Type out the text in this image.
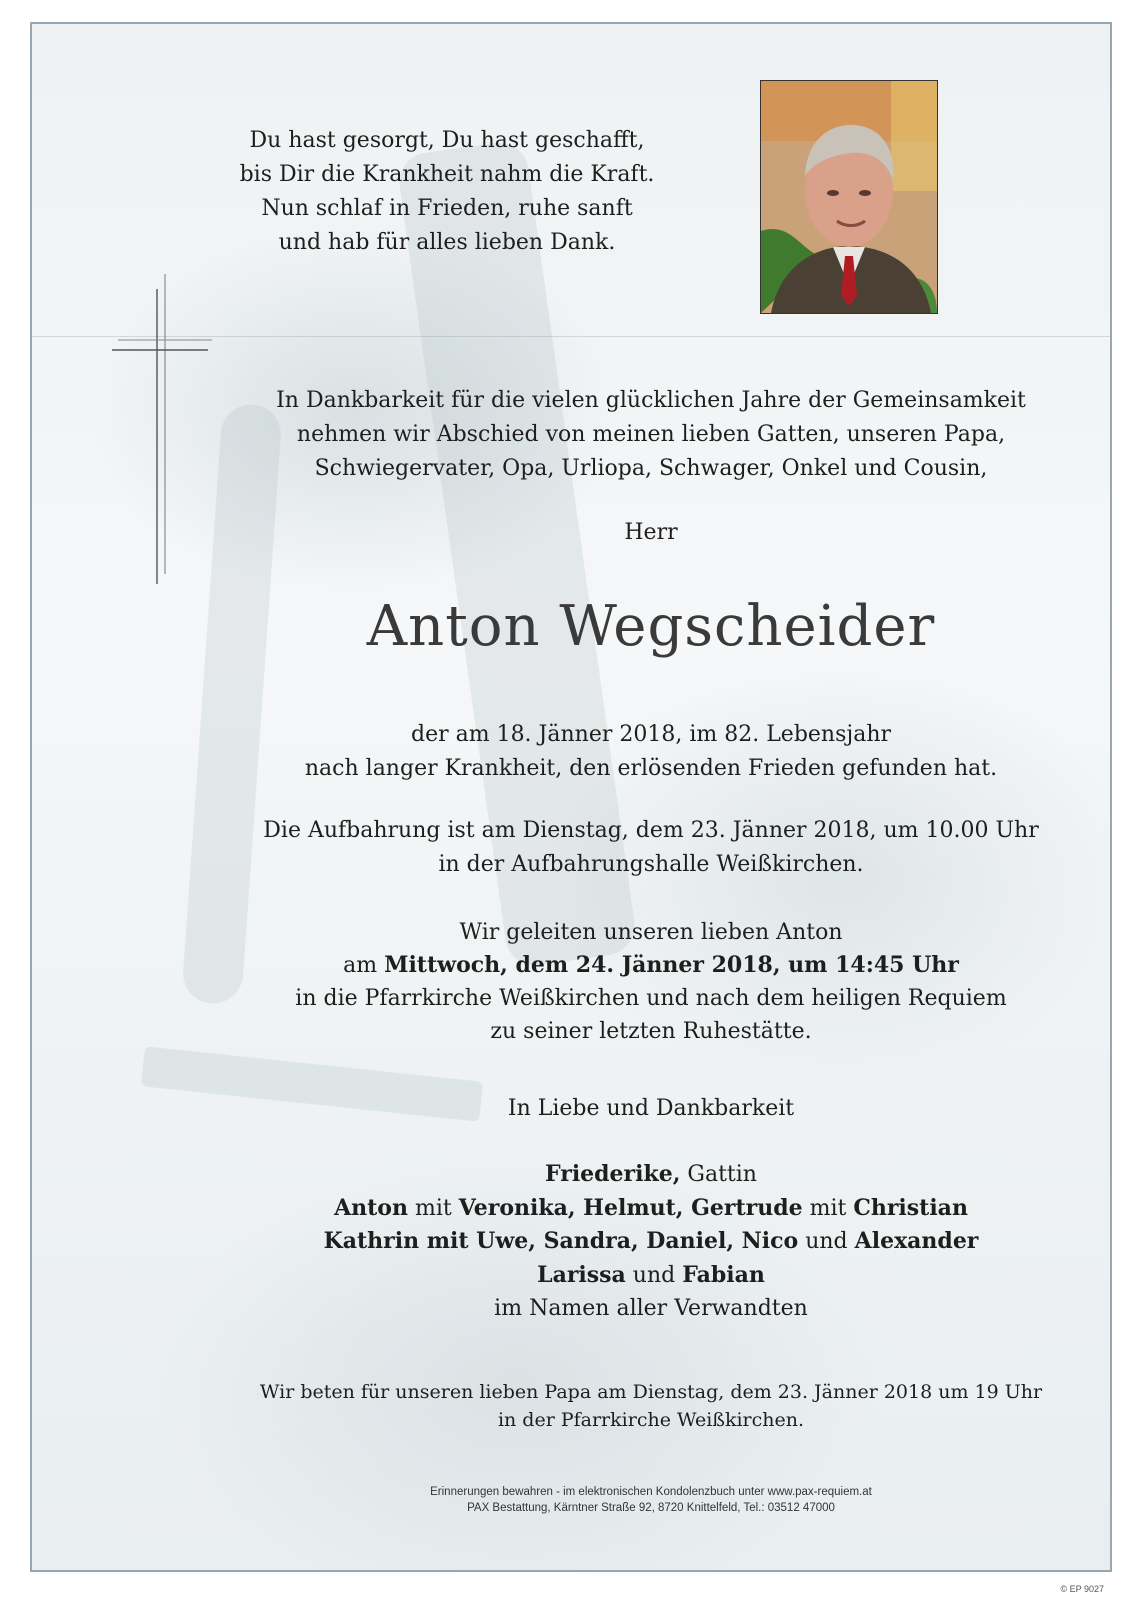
Du hast gesorgt, Du hast geschafft,
bis Dir die Krankheit nahm die Kraft.
Nun schlaf in Frieden, ruhe sanft
und hab für alles lieben Dank.
In Dankbarkeit für die vielen glücklichen Jahre der Gemeinsamkeit
nehmen wir Abschied von meinen lieben Gatten, unseren Papa,
Schwiegervater, Opa, Urliopa, Schwager, Onkel und Cousin,
Herr
Anton Wegscheider
der am 18. Jänner 2018, im 82. Lebensjahr
nach langer Krankheit, den erlösenden Frieden gefunden hat.
Die Aufbahrung ist am Dienstag, dem 23. Jänner 2018, um 10.00 Uhr
in der Aufbahrungshalle Weißkirchen.
Wir geleiten unseren lieben Anton
am Mittwoch, dem 24. Jänner 2018, um 14:45 Uhr
in die Pfarrkirche Weißkirchen und nach dem heiligen Requiem
zu seiner letzten Ruhestätte.
In Liebe und Dankbarkeit
Friederike, Gattin
Anton mit Veronika, Helmut, Gertrude mit Christian
Kathrin mit Uwe, Sandra, Daniel, Nico und Alexander
Larissa und Fabian
im Namen aller Verwandten
Wir beten für unseren lieben Papa am Dienstag, dem 23. Jänner 2018 um 19 Uhr
in der Pfarrkirche Weißkirchen.
Erinnerungen bewahren - im elektronischen Kondolenzbuch unter www.pax-requiem.at
PAX Bestattung, Kärntner Straße 92, 8720 Knittelfeld, Tel.: 03512 47000
© EP 9027
